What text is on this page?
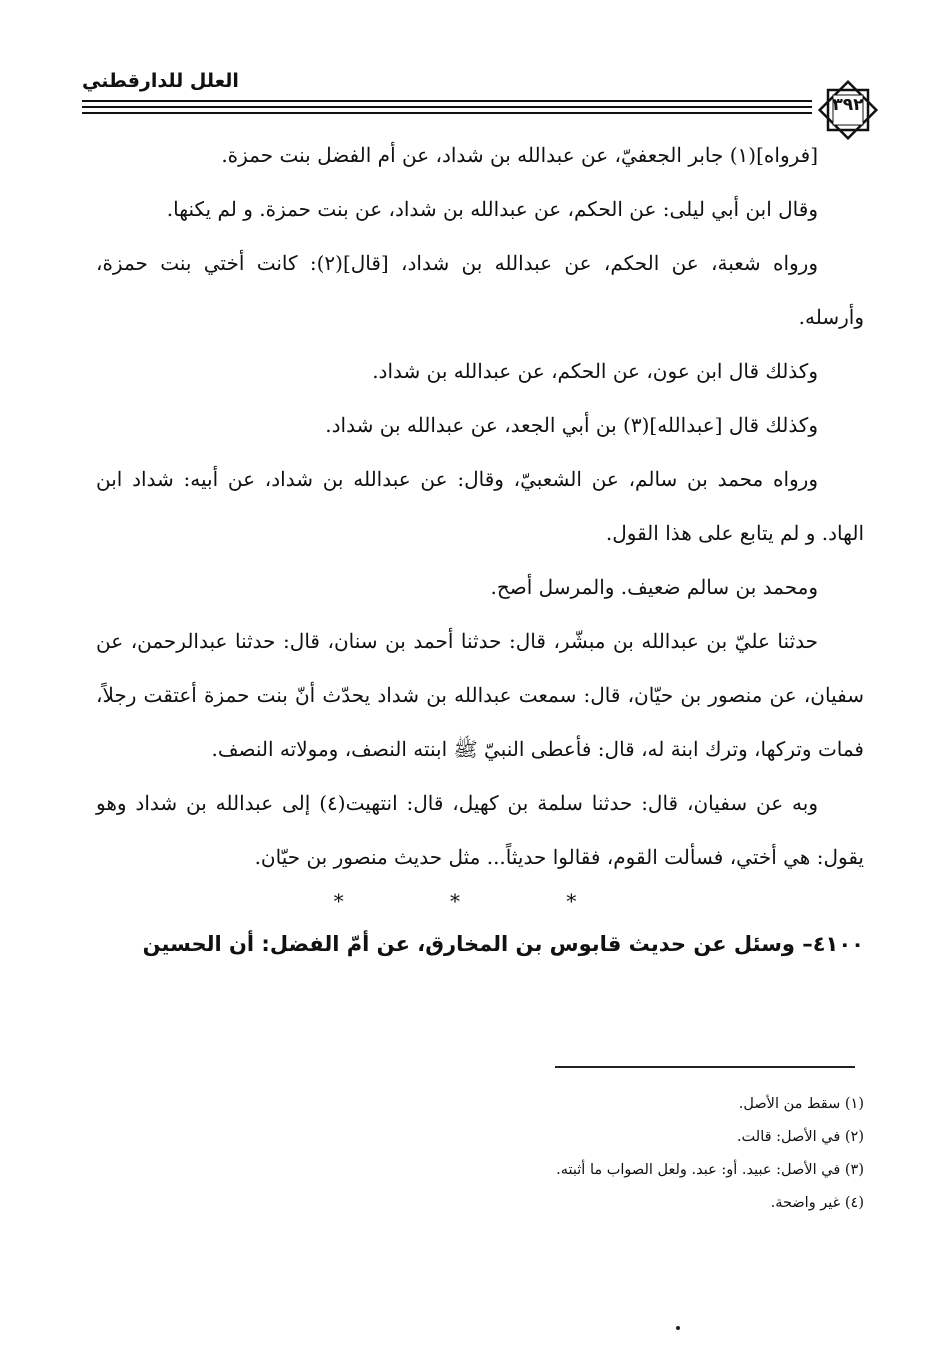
العلل للدارقطني
٣٩٢

[فرواه](١) جابر الجعفيّ، عن عبدالله بن شداد، عن أم الفضل بنت حمزة.

وقال ابن أبي ليلى: عن الحكم، عن عبدالله بن شداد، عن بنت حمزة. و لم يكنها.

ورواه شعبة، عن الحكم، عن عبدالله بن شداد، [قال](٢): كانت أختي بنت حمزة، وأرسله.

وكذلك قال ابن عون، عن الحكم، عن عبدالله بن شداد.

وكذلك قال [عبدالله](٣) بن أبي الجعد، عن عبدالله بن شداد.

ورواه محمد بن سالم، عن الشعبيّ، وقال: عن عبدالله بن شداد، عن أبيه: شداد ابن الهاد. و لم يتابع على هذا القول.

ومحمد بن سالم ضعيف. والمرسل أصح.

حدثنا عليّ بن عبدالله بن مبشّر، قال: حدثنا أحمد بن سنان، قال: حدثنا عبدالرحمن، عن سفيان، عن منصور بن حيّان، قال: سمعت عبدالله بن شداد يحدّث أنّ بنت حمزة أعتقت رجلاً، فمات وتركها، وترك ابنة له، قال: فأعطى النبيّ ﷺ ابنته النصف، ومولاته النصف.

وبه عن سفيان، قال: حدثنا سلمة بن كهيل، قال: انتهيت(٤) إلى عبدالله بن شداد وهو يقول: هي أختي، فسألت القوم، فقالوا حديثاً... مثل حديث منصور بن حيّان.

* * *

٤١٠٠– وسئل عن حديث قابوس بن المخارق، عن أمّ الفضل: أن الحسين

(١) سقط من الأصل.

(٢) في الأصل: قالت.

(٣) في الأصل: عبيد. أو: عبد. ولعل الصواب ما أثبته.

(٤) غير واضحة.
